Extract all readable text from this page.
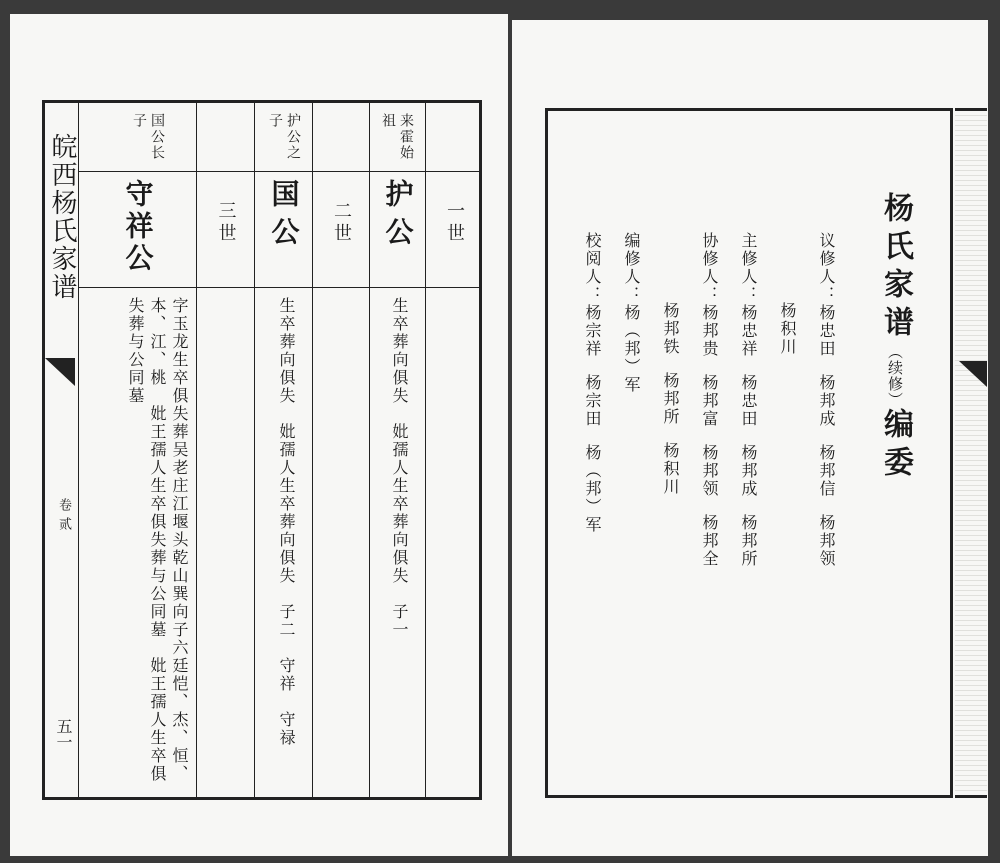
皖西杨氏家谱
卷贰
五一
一世
来霍始祖
护公
生卒葬向俱失　妣孺人生卒葬向俱失　子一
二世
护公之子
国公
生卒葬向俱失　妣孺人生卒葬向俱失　子二　守祥　守禄
三世
国公长子
守祥公
字玉龙生卒俱失葬吴老庄江堰头乾山巽向子六廷恺、杰、恒、本、江、桃　妣王孺人生卒俱失葬与公同墓　妣王孺人生卒俱失葬与公同墓
杨氏家谱（续修）编委
议修人：杨忠田杨邦成杨邦信杨邦领
杨积川
主修人：杨忠祥杨忠田杨邦成杨邦所
协修人：杨邦贵杨邦富杨邦领杨邦全
杨邦铁杨邦所杨积川
编修人：杨（邦）军
校阅人：杨宗祥杨宗田杨（邦）军
